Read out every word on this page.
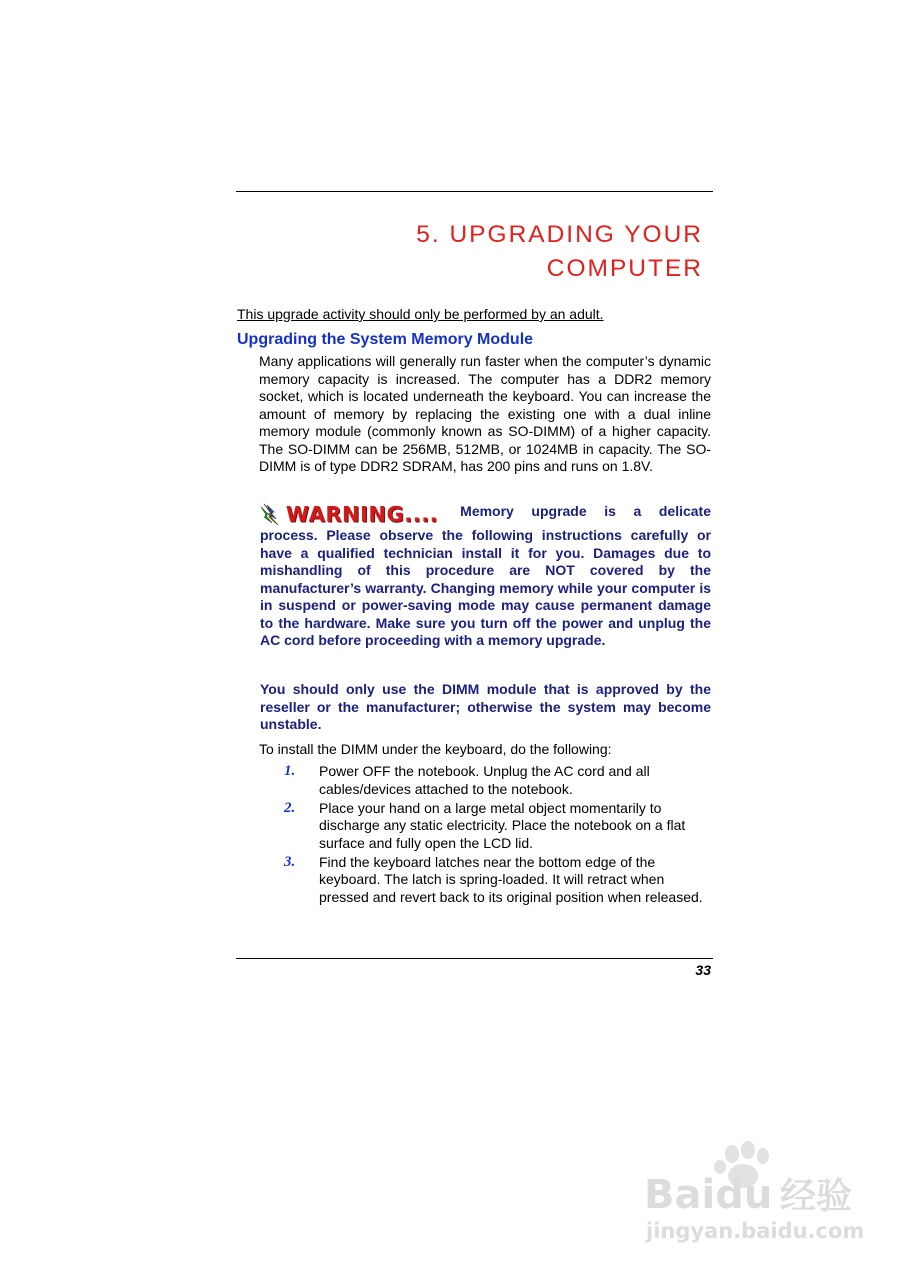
5. UPGRADING YOUR
COMPUTER
This upgrade activity should only be performed by an adult.
Upgrading the System Memory Module
Many applications will generally run faster when the computer’s dynamic memory capacity is increased. The computer has a DDR2 memory socket, which is located underneath the keyboard. You can increase the amount of memory by replacing the existing one with a dual inline memory module (commonly known as SO-DIMM) of a higher capacity. The SO-DIMM can be 256MB, 512MB, or 1024MB in capacity. The SO-DIMM is of type DDR2 SDRAM, has 200 pins and runs on 1.8V.
WARNING.... Memory upgrade is a delicate process. Please observe the following instructions carefully or have a qualified technician install it for you. Damages due to mishandling of this procedure are NOT covered by the manufacturer’s warranty. Changing memory while your computer is in suspend or power-saving mode may cause permanent damage to the hardware. Make sure you turn off the power and unplug the AC cord before proceeding with a memory upgrade.
You should only use the DIMM module that is approved by the reseller or the manufacturer; otherwise the system may become unstable.
To install the DIMM under the keyboard, do the following:
1. Power OFF the notebook. Unplug the AC cord and all cables/devices attached to the notebook.
2. Place your hand on a large metal object momentarily to discharge any static electricity. Place the notebook on a flat surface and fully open the LCD lid.
3. Find the keyboard latches near the bottom edge of the keyboard. The latch is spring-loaded. It will retract when pressed and revert back to its original position when released.
33
Baidu 经验
jingyan.baidu.com
